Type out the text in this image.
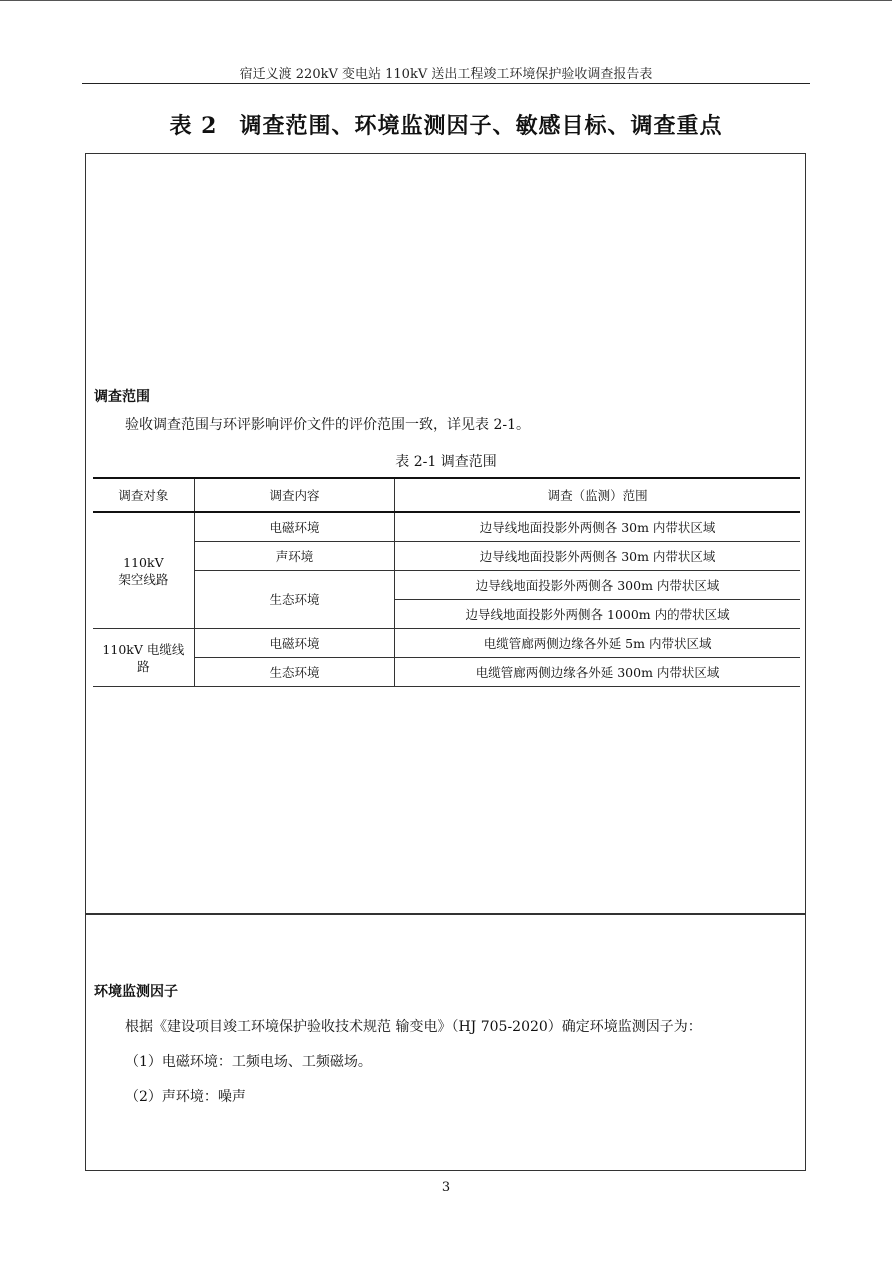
宿迁义渡 220kV 变电站 110kV 送出工程竣工环境保护验收调查报告表
表 2 调查范围、环境监测因子、敏感目标、调查重点
调查范围
验收调查范围与环评影响评价文件的评价范围一致，详见表 2-1。
表 2-1 调查范围
调查对象	调查内容	调查（监测）范围
110kV
架空线路	电磁环境	边导线地面投影外两侧各 30m 内带状区域
	声环境	边导线地面投影外两侧各 30m 内带状区域
	生态环境	边导线地面投影外两侧各 300m 内带状区域
		边导线地面投影外两侧各 1000m 内的带状区域
110kV 电缆线
路	电磁环境	电缆管廊两侧边缘各外延 5m 内带状区域
	生态环境	电缆管廊两侧边缘各外延 300m 内带状区域
环境监测因子
根据《建设项目竣工环境保护验收技术规范 输变电》（HJ 705-2020）确定环境监测因子为：
（1）电磁环境：工频电场、工频磁场。
（2）声环境：噪声
3
